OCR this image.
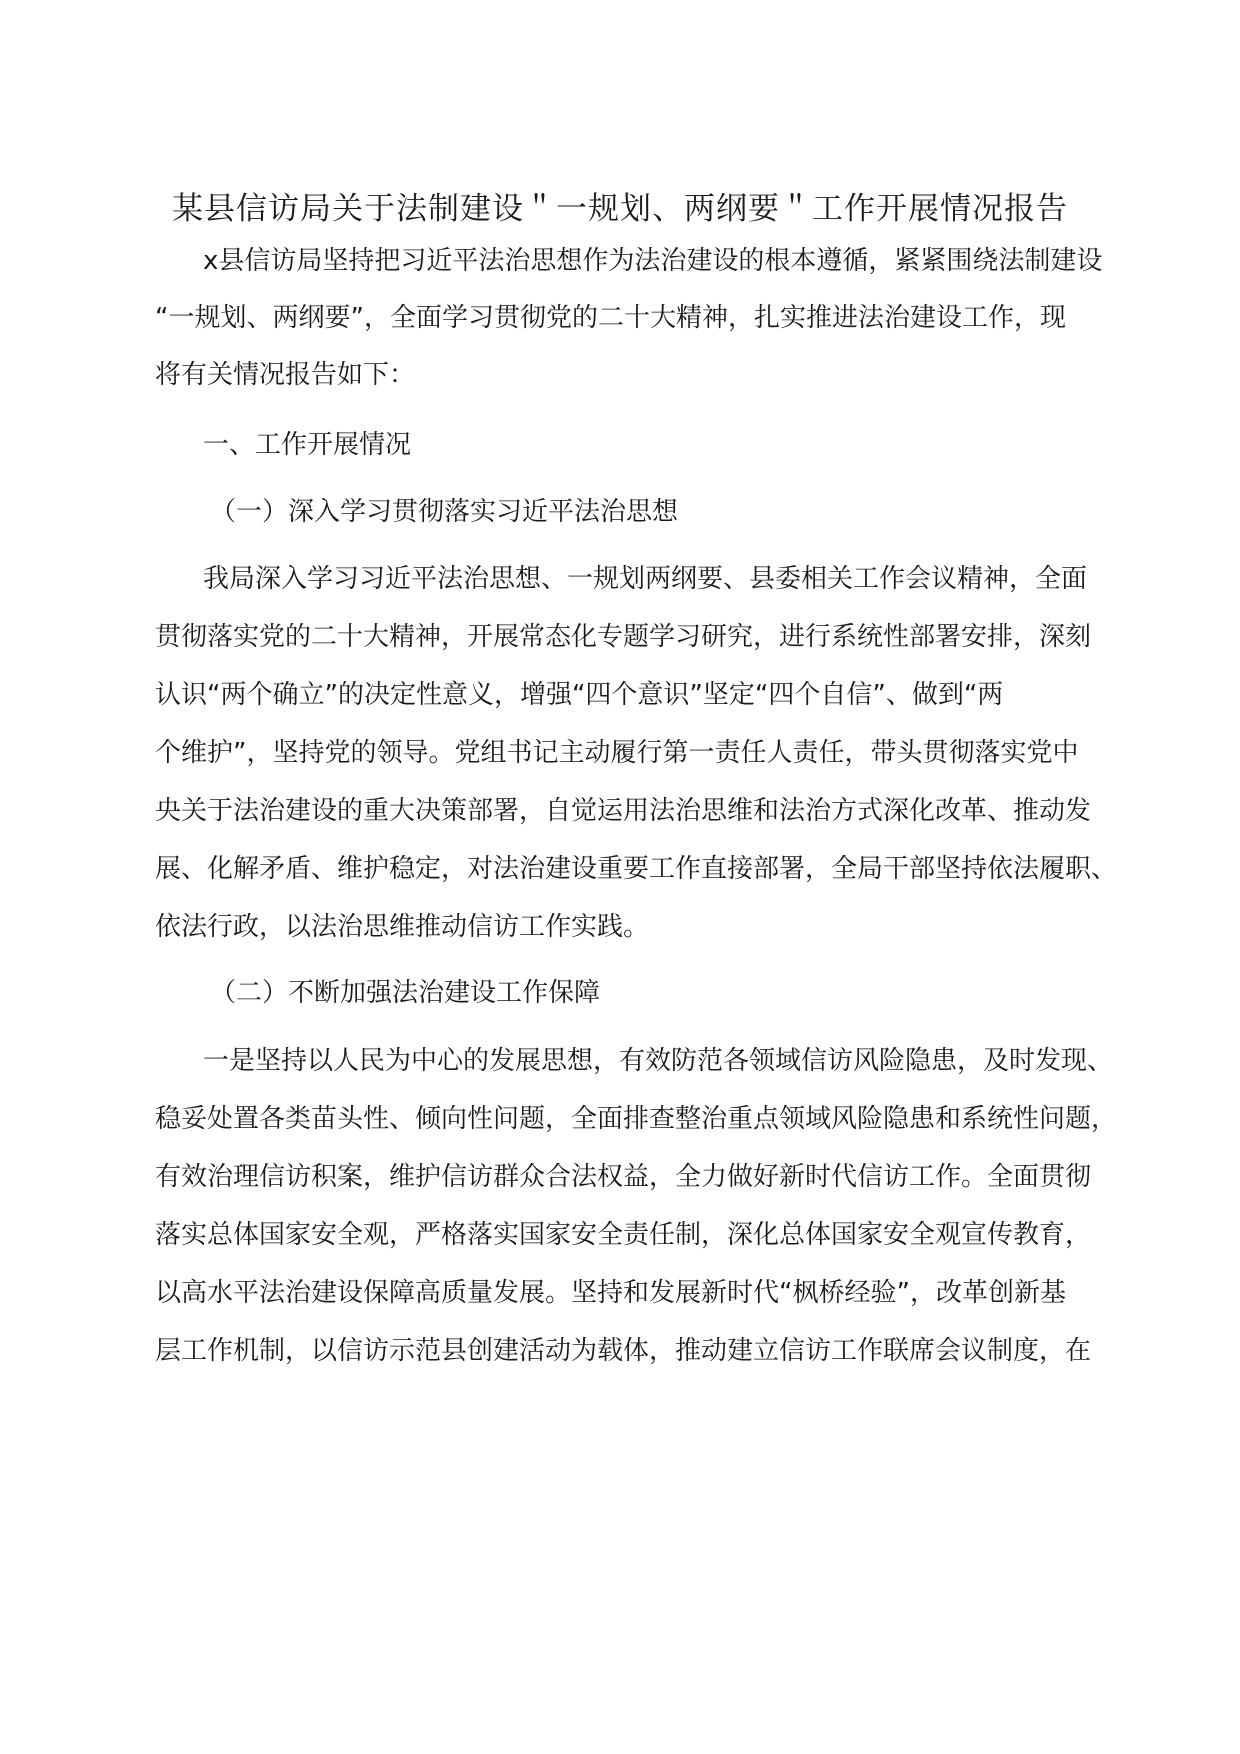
某县信访局关于法制建设＂一规划、两纲要＂工作开展情况报告

x县信访局坚持把习近平法治思想作为法治建设的根本遵循，紧紧围绕法制建设

“一规划、两纲要”，全面学习贯彻党的二十大精神，扎实推进法治建设工作，现

将有关情况报告如下：

一、工作开展情况

（一）深入学习贯彻落实习近平法治思想

我局深入学习习近平法治思想、一规划两纲要、县委相关工作会议精神，全面

贯彻落实党的二十大精神，开展常态化专题学习研究，进行系统性部署安排，深刻

认识“两个确立”的决定性意义，增强“四个意识”坚定“四个自信”、做到“两

个维护”，坚持党的领导。党组书记主动履行第一责任人责任，带头贯彻落实党中

央关于法治建设的重大决策部署，自觉运用法治思维和法治方式深化改革、推动发

展、化解矛盾、维护稳定，对法治建设重要工作直接部署，全局干部坚持依法履职、

依法行政，以法治思维推动信访工作实践。

（二）不断加强法治建设工作保障

一是坚持以人民为中心的发展思想，有效防范各领域信访风险隐患，及时发现、

稳妥处置各类苗头性、倾向性问题，全面排查整治重点领域风险隐患和系统性问题，

有效治理信访积案，维护信访群众合法权益，全力做好新时代信访工作。全面贯彻

落实总体国家安全观，严格落实国家安全责任制，深化总体国家安全观宣传教育，

以高水平法治建设保障高质量发展。坚持和发展新时代“枫桥经验”，改革创新基

层工作机制，以信访示范县创建活动为载体，推动建立信访工作联席会议制度，在
